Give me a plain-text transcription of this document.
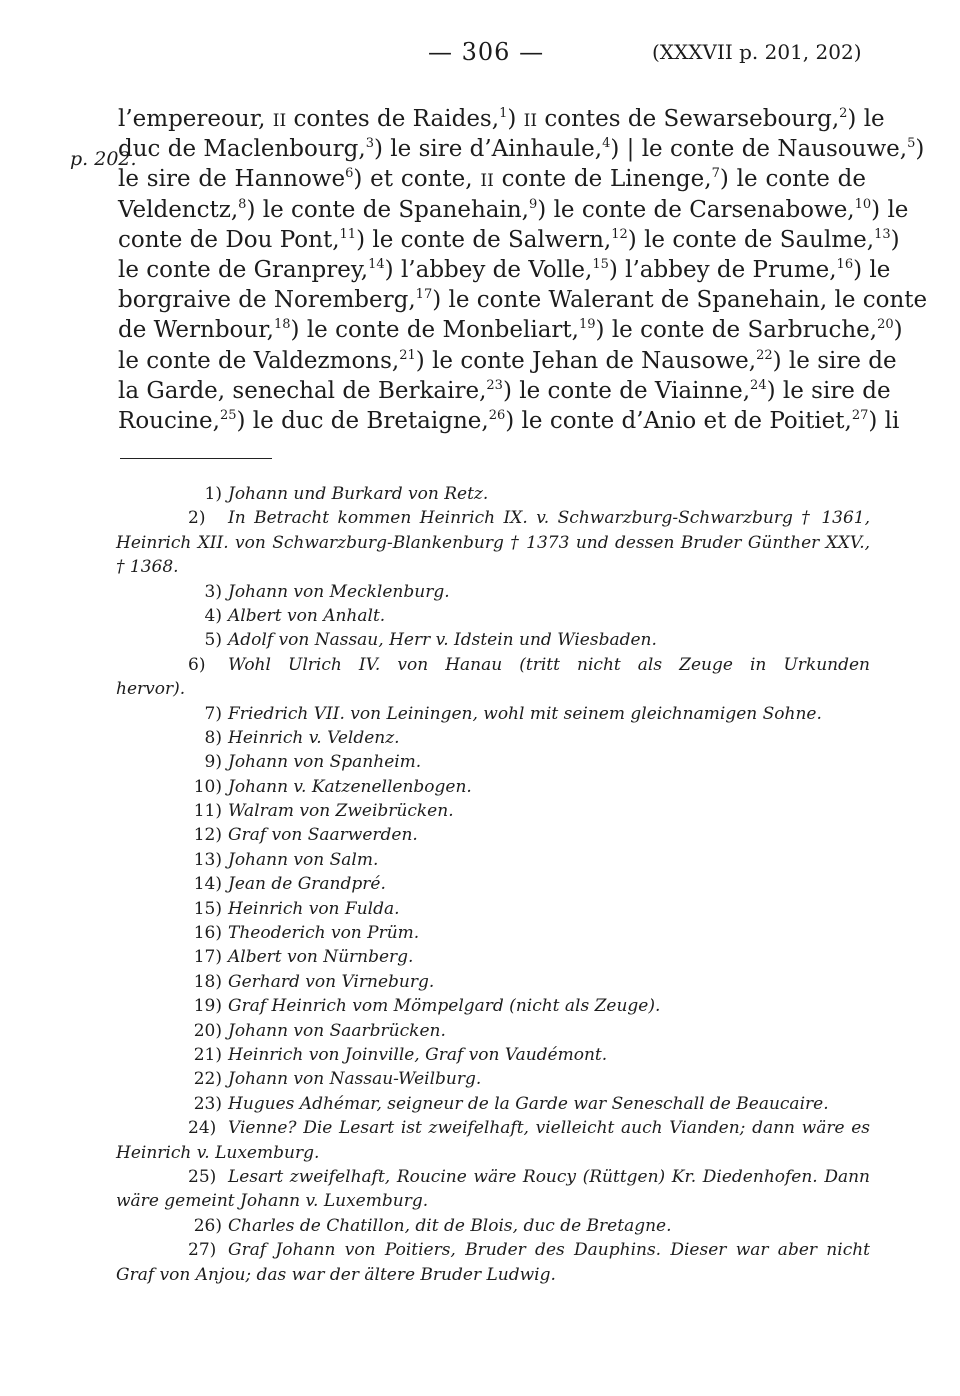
— 306 —	(XXXVII p. 201, 202)
p. 202.
l’empereour, II contes de Raides,$^1$) II contes de Sewarsebourg,$^2$) le
duc de Maclenbourg,$^3$) le sire d’Ainhaule,$^4$) | le conte de Nausouwe,$^5$)
le sire de Hannowe$^6$) et conte, II conte de Linenge,$^7$) le conte de
Veldenctz,$^8$) le conte de Spanehain,$^9$) le conte de Carsenabowe,$^{10}$) le
conte de Dou Pont,$^{11}$) le conte de Salwern,$^{12}$) le conte de Saulme,$^{13}$)
le conte de Granprey,$^{14}$) l’abbey de Volle,$^{15}$) l’abbey de Prume,$^{16}$) le
borgraive de Noremberg,$^{17}$) le conte Walerant de Spanehain, le conte
de Wernbour,$^{18}$) le conte de Monbeliart,$^{19}$) le conte de Sarbruche,$^{20}$)
le conte de Valdezmons,$^{21}$) le conte Jehan de Nausowe,$^{22}$) le sire de
la Garde, senechal de Berkaire,$^{23}$) le conte de Viainne,$^{24}$) le sire de
Roucine,$^{25}$) le duc de Bretaigne,$^{26}$) le conte d’Anio et de Poitiet,$^{27}$) li
1) Johann und Burkard von Retz.
2) In Betracht kommen Heinrich IX. v. Schwarzburg-Schwarzburg † 1361,
Heinrich XII. von Schwarzburg-Blankenburg † 1373 und dessen Bruder Günther XXV.,
† 1368.
3) Johann von Mecklenburg.
4) Albert von Anhalt.
5) Adolf von Nassau, Herr v. Idstein und Wiesbaden.
6) Wohl Ulrich IV. von Hanau (tritt nicht als Zeuge in Urkunden
hervor).
7) Friedrich VII. von Leiningen, wohl mit seinem gleichnamigen Sohne.
8) Heinrich v. Veldenz.
9) Johann von Spanheim.
10) Johann v. Katzenellenbogen.
11) Walram von Zweibrücken.
12) Graf von Saarwerden.
13) Johann von Salm.
14) Jean de Grandpré.
15) Heinrich von Fulda.
16) Theoderich von Prüm.
17) Albert von Nürnberg.
18) Gerhard von Virneburg.
19) Graf Heinrich vom Mömpelgard (nicht als Zeuge).
20) Johann von Saarbrücken.
21) Heinrich von Joinville, Graf von Vaudémont.
22) Johann von Nassau-Weilburg.
23) Hugues Adhémar, seigneur de la Garde war Seneschall de Beaucaire.
24) Vienne? Die Lesart ist zweifelhaft, vielleicht auch Vianden; dann wäre es
Heinrich v. Luxemburg.
25) Lesart zweifelhaft, Roucine wäre Roucy (Rüttgen) Kr. Diedenhofen. Dann
wäre gemeint Johann v. Luxemburg.
26) Charles de Chatillon, dit de Blois, duc de Bretagne.
27) Graf Johann von Poitiers, Bruder des Dauphins. Dieser war aber nicht
Graf von Anjou; das war der ältere Bruder Ludwig.
